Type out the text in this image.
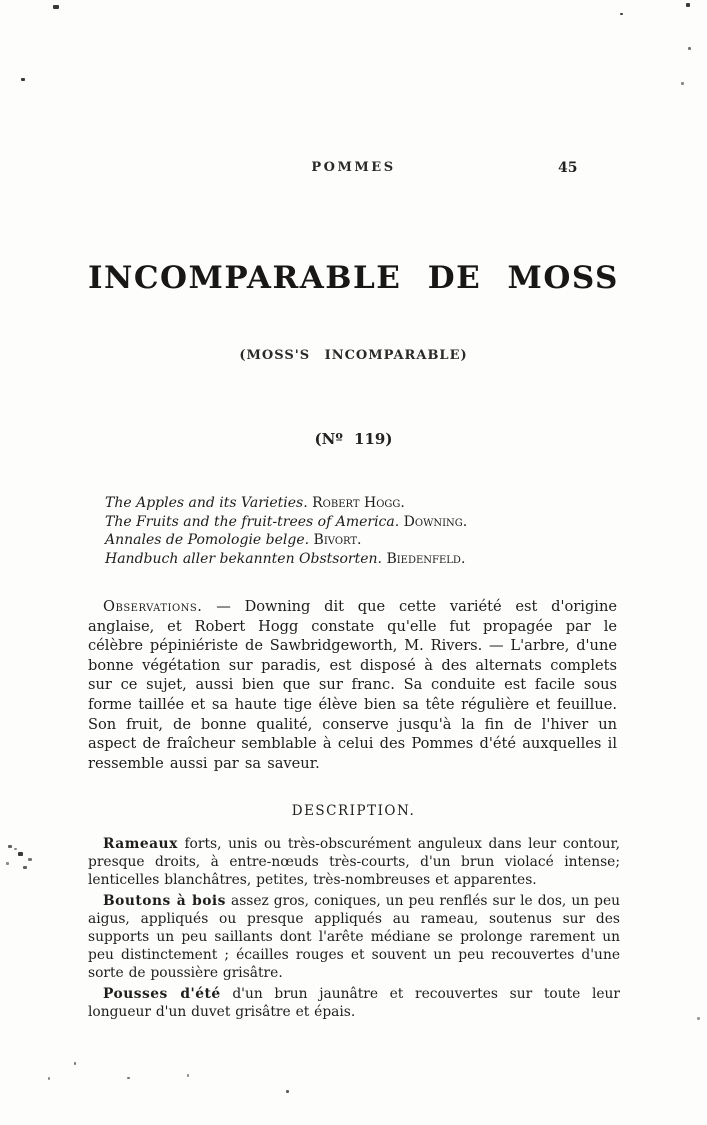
POMMES	45
INCOMPARABLE DE MOSS
(MOSS'S INCOMPARABLE)
(Nº 119)
The Apples and its Varieties. Robert Hogg.
The Fruits and the fruit-trees of America. Downing.
Annales de Pomologie belge. Bivort.
Handbuch aller bekannten Obstsorten. Biedenfeld.
Observations. — Downing dit que cette variété est d'origine anglaise, et Robert Hogg constate qu'elle fut propagée par le célèbre pépiniériste de Sawbridgeworth, M. Rivers. — L'arbre, d'une bonne végétation sur paradis, est disposé à des alternats complets sur ce sujet, aussi bien que sur franc. Sa conduite est facile sous forme taillée et sa haute tige élève bien sa tête régulière et feuillue. Son fruit, de bonne qualité, conserve jusqu'à la fin de l'hiver un aspect de fraîcheur semblable à celui des Pommes d'été auxquelles il ressemble aussi par sa saveur.
DESCRIPTION.

Rameaux forts, unis ou très-obscurément anguleux dans leur contour, presque droits, à entre-nœuds très-courts, d'un brun violacé intense; lenticelles blanchâtres, petites, très-nombreuses et apparentes.

Boutons à bois assez gros, coniques, un peu renflés sur le dos, un peu aigus, appliqués ou presque appliqués au rameau, soutenus sur des supports un peu saillants dont l'arête médiane se prolonge rarement un peu distinctement ; écailles rouges et souvent un peu recouvertes d'une sorte de poussière grisâtre.

Pousses d'été d'un brun jaunâtre et recouvertes sur toute leur longueur d'un duvet grisâtre et épais.
